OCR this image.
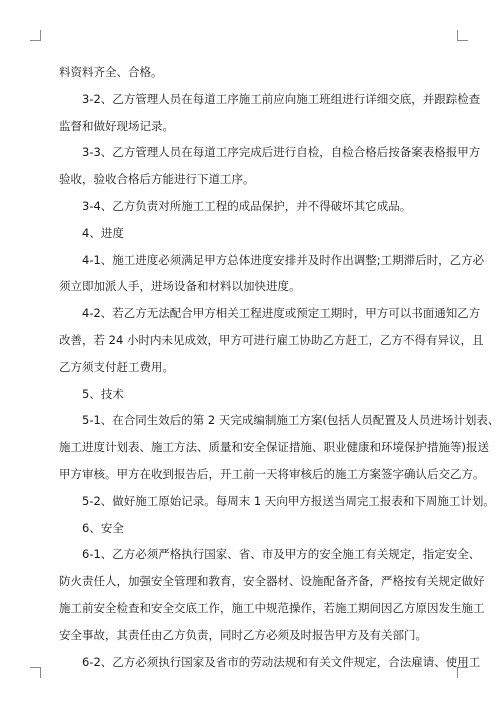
料资料齐全、合格。
3-2、乙方管理人员在每道工序施工前应向施工班组进行详细交底，并跟踪检查
监督和做好现场记录。
3-3、乙方管理人员在每道工序完成后进行自检，自检合格后按备案表格报甲方
验收，验收合格后方能进行下道工序。
3-4、乙方负责对所施工工程的成品保护，并不得破坏其它成品。
4、进度
4-1、施工进度必须满足甲方总体进度安排并及时作出调整;工期滞后时，乙方必
须立即加派人手，进场设备和材料以加快进度。
4-2、若乙方无法配合甲方相关工程进度或预定工期时，甲方可以书面通知乙方
改善，若 24 小时内未见成效，甲方可进行雇工协助乙方赶工，乙方不得有异议，且
乙方须支付赶工费用。
5、技术
5-1、在合同生效后的第 2 天完成编制施工方案(包括人员配置及人员进场计划表、
施工进度计划表、施工方法、质量和安全保证措施、职业健康和环境保护措施等)报送
甲方审核。甲方在收到报告后，开工前一天将审核后的施工方案签字确认后交乙方。
5-2、做好施工原始记录。每周末 1 天向甲方报送当周完工报表和下周施工计划。
6、安全
6-1、乙方必须严格执行国家、省、市及甲方的安全施工有关规定，指定安全、
防火责任人，加强安全管理和教育，安全器材、设施配备齐备，严格按有关规定做好
施工前安全检查和安全交底工作，施工中规范操作，若施工期间因乙方原因发生施工
安全事故，其责任由乙方负责，同时乙方必须及时报告甲方及有关部门。
6-2、乙方必须执行国家及省市的劳动法规和有关文件规定，合法雇请、使用工
